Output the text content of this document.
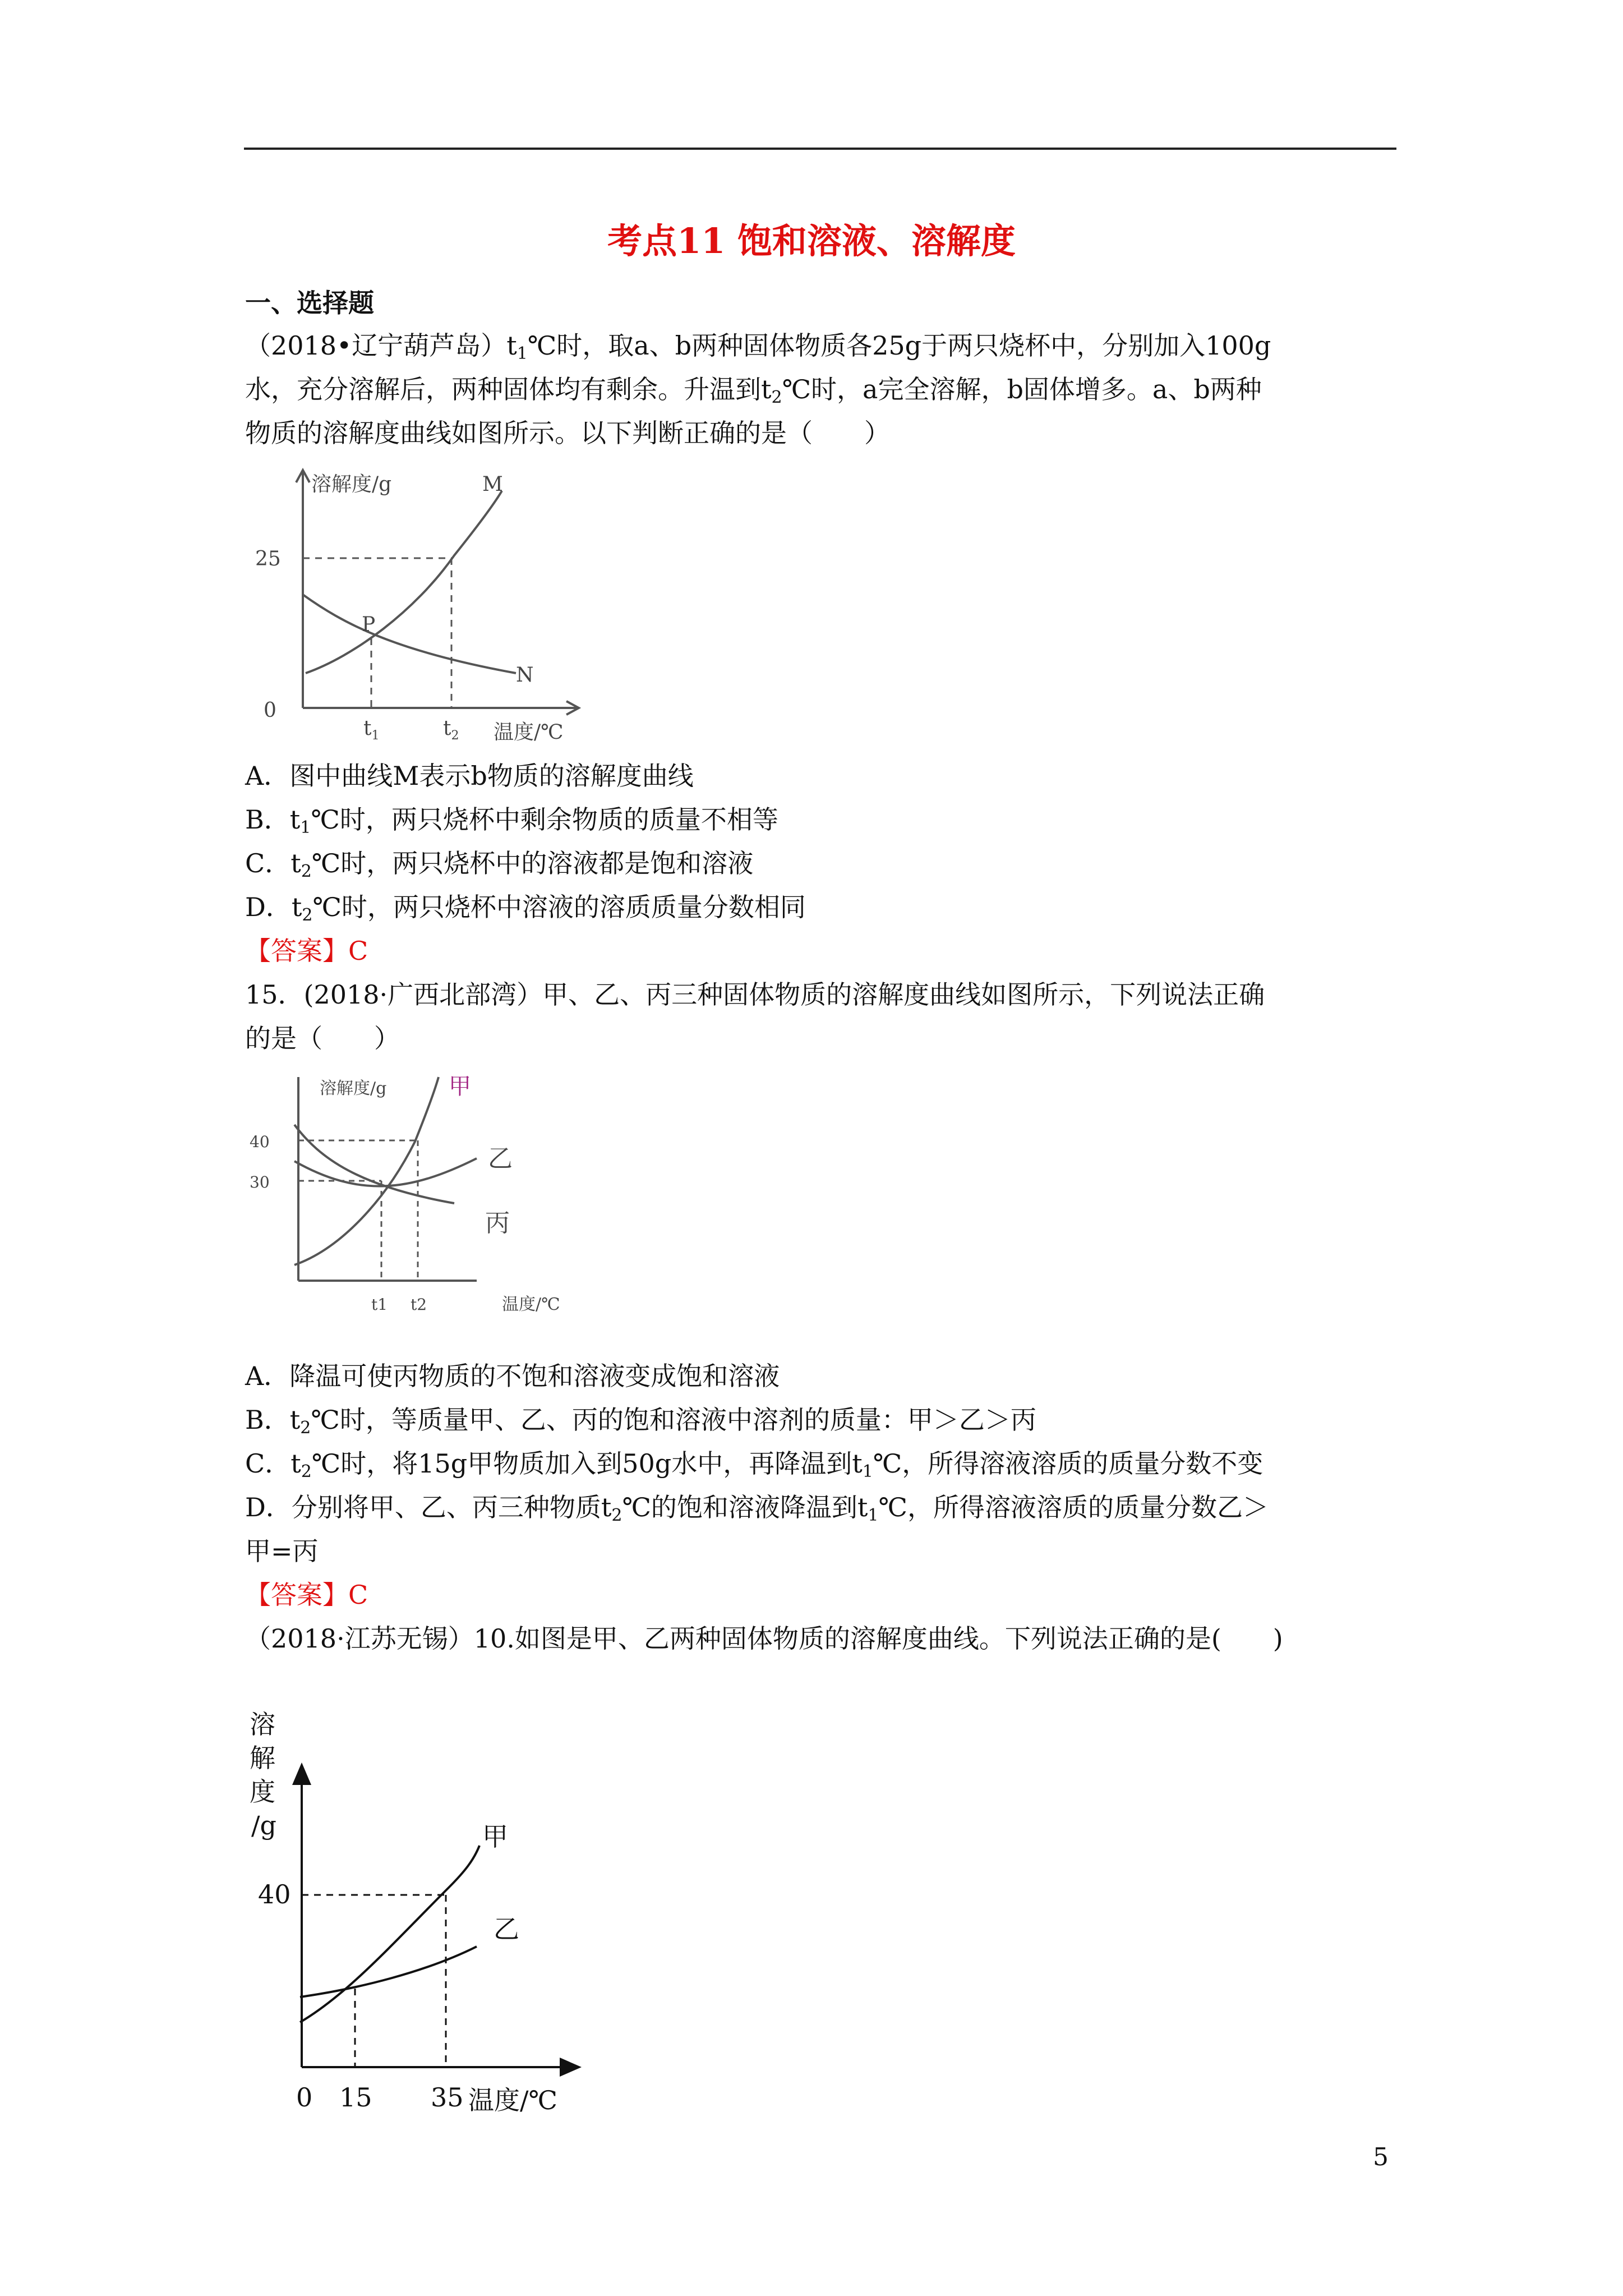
考点11 饱和溶液、溶解度
一、选择题
（2018•辽宁葫芦岛）$t_1℃$时，取a、b两种固体物质各25g于两只烧杯中，分别加入100g
水，充分溶解后，两种固体均有剩余。升温到$t_2℃$时，a完全溶解，b固体增多。a、b两种
物质的溶解度曲线如图所示。以下判断正确的是（　　）
溶解度/g
25
0
M
N
P
$t_1$	$t_2$ 温度/℃
A．图中曲线M表示b物质的溶解度曲线
B．$t_1℃$时，两只烧杯中剩余物质的质量不相等
C．$t_2℃$时，两只烧杯中的溶液都是饱和溶液
D．$t_2℃$时，两只烧杯中溶液的溶质质量分数相同
【答案】C
15．(2018·广西北部湾）甲、乙、丙三种固体物质的溶解度曲线如图所示，下列说法正确
的是（　　）
溶解度/g
40
30
甲
乙
丙
t1 t2	温度/℃
A．降温可使丙物质的不饱和溶液变成饱和溶液
B．$t_2℃$时，等质量甲、乙、丙的饱和溶液中溶剂的质量：甲＞乙＞丙
C．$t_2℃$时，将15g甲物质加入到50g水中，再降温到$t_1℃$，所得溶液溶质的质量分数不变
D．分别将甲、乙、丙三种物质$t_2℃$的饱和溶液降温到$t_1℃$，所得溶液溶质的质量分数乙＞
甲=丙
【答案】C
（2018·江苏无锡）10.如图是甲、乙两种固体物质的溶解度曲线。下列说法正确的是(　　)
溶
解
度
/g
40
0 15 35 温度/℃
甲
乙
5
